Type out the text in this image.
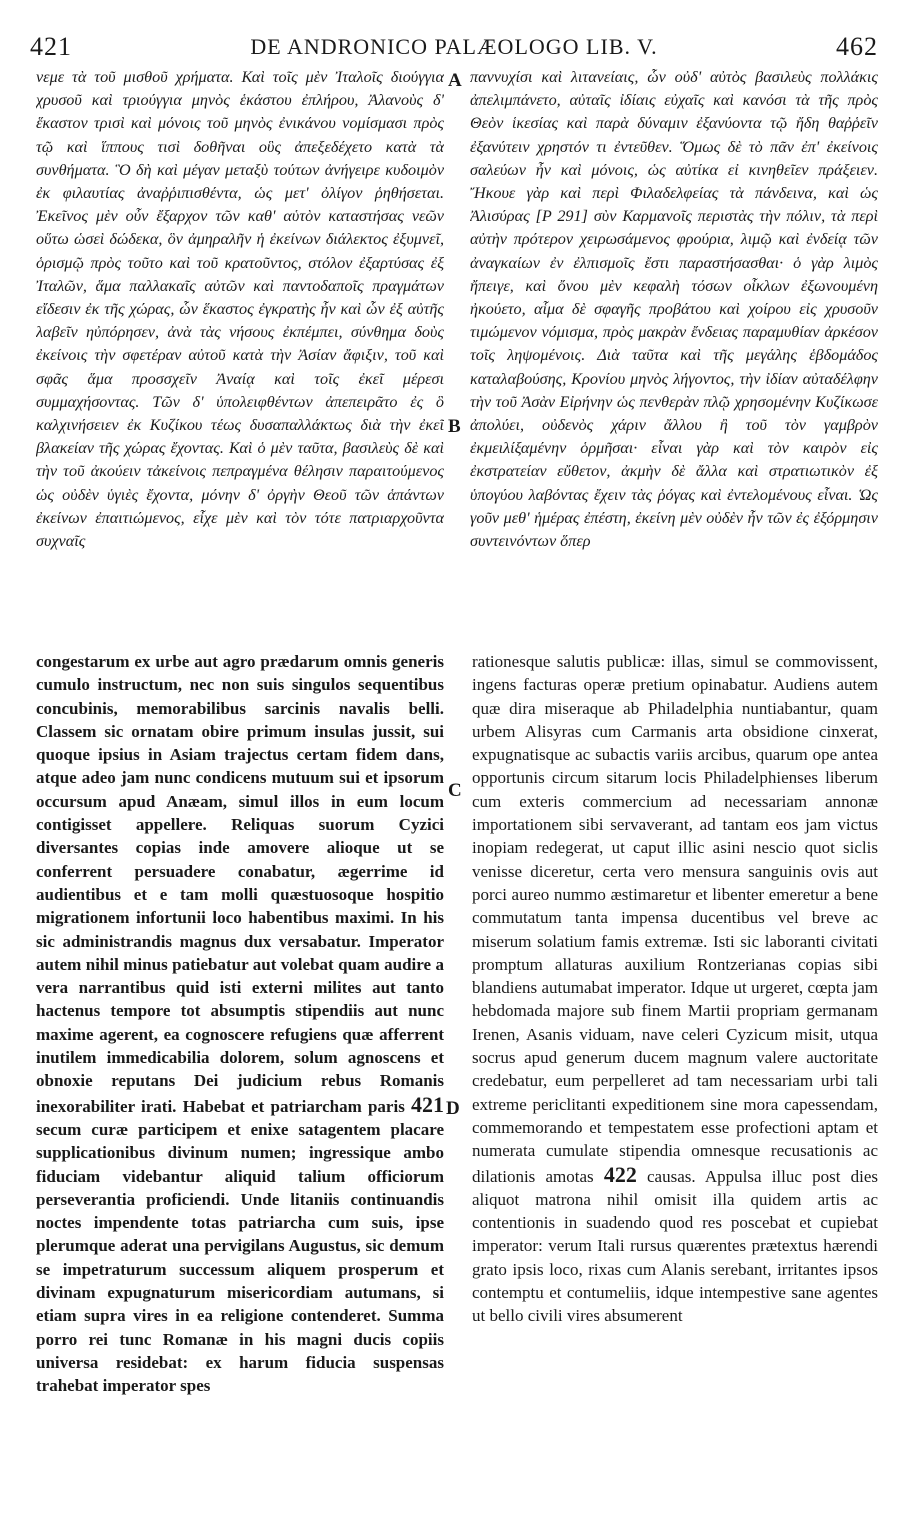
421	DE ANDRONICO PALÆOLOGO LIB. V.	462

νεμε τὰ τοῦ μισθοῦ χρήματα. Καὶ τοῖς μὲν Ἰταλοῖς διούγγια χρυσοῦ καὶ τριούγγια μηνὸς ἑκάστου ἐπλήρου, Ἀλανοὺς δ' ἕκαστον τρισὶ καὶ μόνοις τοῦ μηνὸς ἐνικάνου νομίσμασι πρὸς τῷ καὶ ἵππους τισὶ δοθῆναι οὓς ἀπεξεδέχετο κατὰ τὰ συνθήματα. Ὃ δὴ καὶ μέγαν μεταξὺ τούτων ἀνήγειρε κυδοιμὸν ἐκ φιλαυτίας ἀναῤῥιπισθέντα, ὡς μετ' ὀλίγον ῥηθήσεται. Ἐκεῖνος μὲν οὖν ἔξαρχον τῶν καθ' αὑτὸν καταστήσας νεῶν οὕτω ὡσεὶ δώδεκα, ὃν ἀμηραλῆν ἡ ἐκείνων διάλεκτος ἐξυμνεῖ, ὁρισμῷ πρὸς τοῦτο καὶ τοῦ κρατοῦντος, στόλον ἐξαρτύσας ἐξ Ἰταλῶν, ἅμα παλλακαῖς αὐτῶν καὶ παντοδαποῖς πραγμάτων εἴδεσιν ἐκ τῆς χώρας, ὧν ἕκαστος ἐγκρατὴς ἦν καὶ ὧν ἐξ αὐτῆς λαβεῖν ηὐπόρησεν, ἀνὰ τὰς νήσους ἐκπέμπει, σύνθημα δοὺς ἐκείνοις τὴν σφετέραν αὐτοῦ κατὰ τὴν Ἀσίαν ἄφιξιν, τοῦ καὶ σφᾶς ἅμα προσσχεῖν Ἀναίᾳ καὶ τοῖς ἐκεῖ μέρεσι συμμαχήσοντας. Τῶν δ' ὑπολειφθέντων ἀπεπειρᾶτο ἐς ὃ καλχινήσειεν ἐκ Κυζίκου τέως δυσαπαλλάκτως διὰ τὴν ἐκεῖ βλακείαν τῆς χώρας ἔχοντας. Καὶ ὁ μὲν ταῦτα, βασιλεὺς δὲ καὶ τὴν τοῦ ἀκούειν τἀκείνοις πεπραγμένα θέλησιν παραιτούμενος ὡς οὐδὲν ὑγιὲς ἔχοντα, μόνην δ' ὀργὴν Θεοῦ τῶν ἁπάντων ἐκείνων ἐπαιτιώμενος, εἶχε μὲν καὶ τὸν τότε πατριαρχοῦντα συχναῖς

παννυχίσι καὶ λιτανείαις, ὧν οὐδ' αὐτὸς βασιλεὺς πολλάκις ἀπελιμπάνετο, αὐταῖς ἰδίαις εὐχαῖς καὶ κανόσι τὰ τῆς πρὸς Θεὸν ἱκεσίας καὶ παρὰ δύναμιν ἐξανύοντα τῷ ἤδη θαῤῥεῖν ἐξανύτειν χρηστόν τι ἐντεῦθεν. Ὅμως δὲ τὸ πᾶν ἐπ' ἐκείνοις σαλεύων ἦν καὶ μόνοις, ὡς αὐτίκα εἰ κινηθεῖεν πράξειεν. Ἤκουε γὰρ καὶ περὶ Φιλαδελφείας τὰ πάνδεινα, καὶ ὡς Ἀλισύρας [P 291] σὺν Καρμανοῖς περιστὰς τὴν πόλιν, τὰ περὶ αὐτὴν πρότερον χειρωσάμενος φρούρια, λιμῷ καὶ ἐνδείᾳ τῶν ἀναγκαίων ἐν ἐλπισμοῖς ἔστι παραστήσασθαι· ὁ γὰρ λιμὸς ἤπειγε, καὶ ὄνου μὲν κεφαλὴ τόσων οἶκλων ἐξωνουμένη ἠκούετο, αἷμα δὲ σφαγῆς προβάτου καὶ χοίρου εἰς χρυσοῦν τιμώμενον νόμισμα, πρὸς μακρὰν ἔνδειας παραμυθίαν ἀρκέσον τοῖς ληψομένοις. Διὰ ταῦτα καὶ τῆς μεγάλης ἑβδομάδος καταλαβούσης, Κρονίου μηνὸς λήγοντος, τὴν ἰδίαν αὐταδέλφην τὴν τοῦ Ἀσὰν Εἰρήνην ὡς πενθερὰν πλῷ χρησομένην Κυζίκωσε ἀπολύει, οὐδενὸς χάριν ἄλλου ἢ τοῦ τὸν γαμβρὸν ἐκμειλίξαμένην ὁρμῆσαι· εἶναι γὰρ καὶ τὸν καιρὸν εἰς ἐκστρατείαν εὔθετον, ἀκμὴν δὲ ἄλλα καὶ στρατιωτικὸν ἐξ ὑπογύου λαβόντας ἔχειν τὰς ῥόγας καὶ ἐντελομένους εἶναι. Ὡς γοῦν μεθ' ἡμέρας ἐπέστη, ἐκείνη μὲν οὐδὲν ἦν τῶν ἐς ἐξόρμησιν συντεινόντων ὅπερ

A
B
C
D

congestarum ex urbe aut agro prædarum omnis generis cumulo instructum, nec non suis singulos sequentibus concubinis, memorabilibus sarcinis navalis belli. Classem sic ornatam obire primum insulas jussit, sui quoque ipsius in Asiam trajectus certam fidem dans, atque adeo jam nunc condicens mutuum sui et ipsorum occursum apud Anæam, simul illos in eum locum contigisset appellere. Reliquas suorum Cyzici diversantes copias inde amovere alioque ut se conferrent persuadere conabatur, ægerrime id audientibus et e tam molli quæstuosoque hospitio migrationem infortunii loco habentibus maximi. In his sic administrandis magnus dux versabatur. Imperator autem nihil minus patiebatur aut volebat quam audire a vera narrantibus quid isti externi milites aut tanto hactenus tempore tot absumptis stipendiis aut nunc maxime agerent, ea cognoscere refugiens quæ afferrent inutilem immedicabilia dolorem, solum agnoscens et obnoxie reputans Dei judicium rebus Romanis inexorabiliter irati. Habebat et patriarcham paris 421 secum curæ participem et enixe satagentem placare supplicationibus divinum numen; ingressique ambo fiduciam videbantur aliquid talium officiorum perseverantia proficiendi. Unde litaniis continuandis noctes impendente totas patriarcha cum suis, ipse plerumque aderat una pervigilans Augustus, sic demum se impetraturum successum aliquem prosperum et divinam expugnaturum misericordiam autumans, si etiam supra vires in ea religione contenderet. Summa porro rei tunc Romanæ in his magni ducis copiis universa residebat: ex harum fiducia suspensas trahebat imperator spes

rationesque salutis publicæ: illas, simul se commovissent, ingens facturas operæ pretium opinabatur. Audiens autem quæ dira miseraque ab Philadelphia nuntiabantur, quam urbem Alisyras cum Carmanis arta obsidione cinxerat, expugnatisque ac subactis variis arcibus, quarum ope antea opportunis circum sitarum locis Philadelphienses liberum cum exteris commercium ad necessariam annonæ importationem sibi servaverant, ad tantam eos jam victus inopiam redegerat, ut caput illic asini nescio quot siclis venisse diceretur, certa vero mensura sanguinis ovis aut porci aureo nummo æstimaretur et libenter emeretur a bene commutatum tanta impensa ducentibus vel breve ac miserum solatium famis extremæ. Isti sic laboranti civitati promptum allaturas auxilium Rontzerianas copias sibi blandiens autumabat imperator. Idque ut urgeret, cœpta jam hebdomada majore sub finem Martii propriam germanam Irenen, Asanis viduam, nave celeri Cyzicum misit, utqua socrus apud generum ducem magnum valere auctoritate credebatur, eum perpelleret ad tam necessariam urbi tali extreme periclitanti expeditionem sine mora capessendam, commemorando et tempestatem esse profectioni aptam et numerata cumulate stipendia omnesque recusationis ac dilationis amotas 422 causas. Appulsa illuc post dies aliquot matrona nihil omisit illa quidem artis ac contentionis in suadendo quod res poscebat et cupiebat imperator: verum Itali rursus quærentes prætextus hærendi grato ipsis loco, rixas cum Alanis serebant, irritantes ipsos contemptu et contumeliis, idque intempestive sane agentes ut bello civili vires absumerent
